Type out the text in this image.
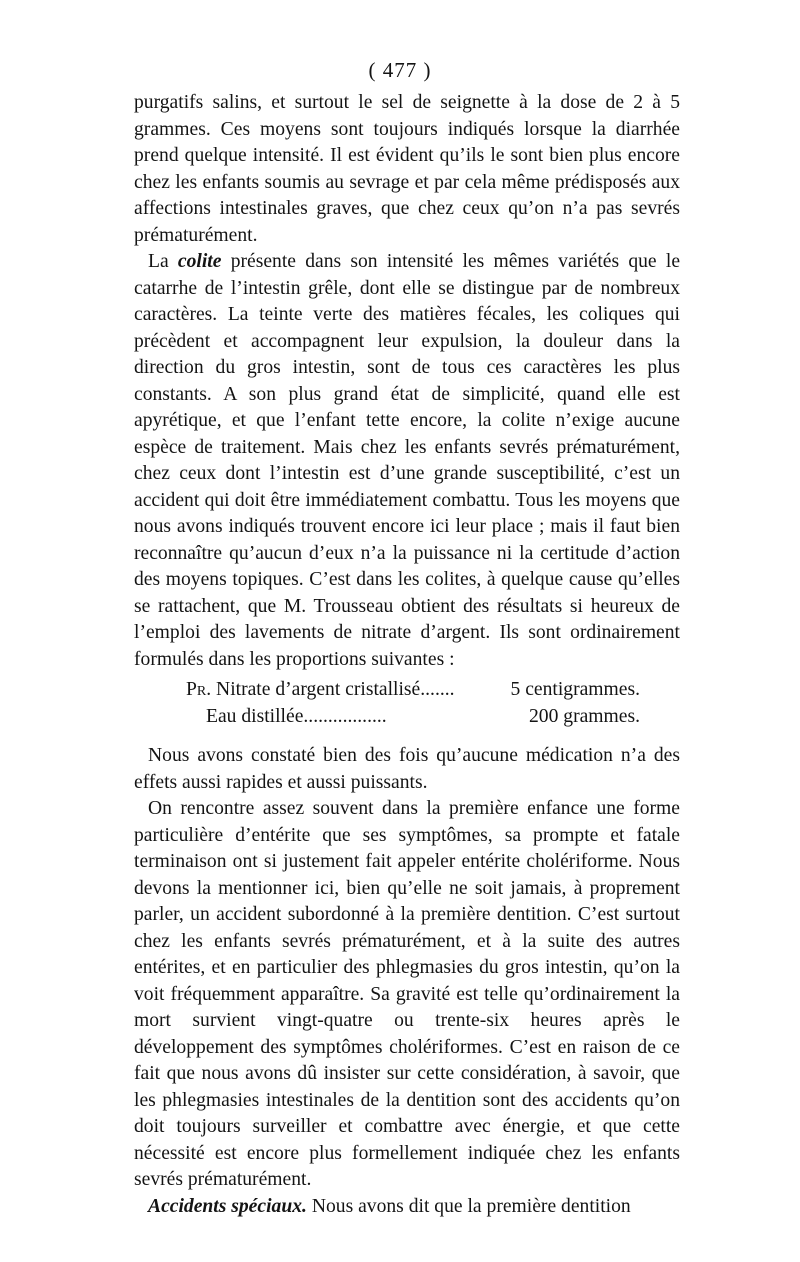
( 477 )

purgatifs salins, et surtout le sel de seignette à la dose de 2 à 5 grammes. Ces moyens sont toujours indiqués lorsque la diarrhée prend quelque intensité. Il est évident qu’ils le sont bien plus encore chez les enfants soumis au sevrage et par cela même prédisposés aux affections intestinales graves, que chez ceux qu’on n’a pas sevrés prématurément.

La colite présente dans son intensité les mêmes variétés que le catarrhe de l’intestin grêle, dont elle se distingue par de nombreux caractères. La teinte verte des matières fécales, les coliques qui précèdent et accompagnent leur expulsion, la douleur dans la direction du gros intestin, sont de tous ces caractères les plus constants. A son plus grand état de simplicité, quand elle est apyrétique, et que l’enfant tette encore, la colite n’exige aucune espèce de traitement. Mais chez les enfants sevrés prématurément, chez ceux dont l’intestin est d’une grande susceptibilité, c’est un accident qui doit être immédiatement combattu. Tous les moyens que nous avons indiqués trouvent encore ici leur place ; mais il faut bien reconnaître qu’aucun d’eux n’a la puissance ni la certitude d’action des moyens topiques. C’est dans les colites, à quelque cause qu’elles se rattachent, que M. Trousseau obtient des résultats si heureux de l’emploi des lavements de nitrate d’argent. Ils sont ordinairement formulés dans les proportions suivantes :

Pr. Nitrate d’argent cristallisé.......	5 centigrammes.
Eau distillée.................	200 grammes.

Nous avons constaté bien des fois qu’aucune médication n’a des effets aussi rapides et aussi puissants.

On rencontre assez souvent dans la première enfance une forme particulière d’entérite que ses symptômes, sa prompte et fatale terminaison ont si justement fait appeler entérite cholériforme. Nous devons la mentionner ici, bien qu’elle ne soit jamais, à proprement parler, un accident subordonné à la première dentition. C’est surtout chez les enfants sevrés prématurément, et à la suite des autres entérites, et en particulier des phlegmasies du gros intestin, qu’on la voit fréquemment apparaître. Sa gravité est telle qu’ordinairement la mort survient vingt-quatre ou trente-six heures après le développement des symptômes cholériformes. C’est en raison de ce fait que nous avons dû insister sur cette considération, à savoir, que les phlegmasies intestinales de la dentition sont des accidents qu’on doit toujours surveiller et combattre avec énergie, et que cette nécessité est encore plus formellement indiquée chez les enfants sevrés prématurément.

Accidents spéciaux. Nous avons dit que la première dentition
